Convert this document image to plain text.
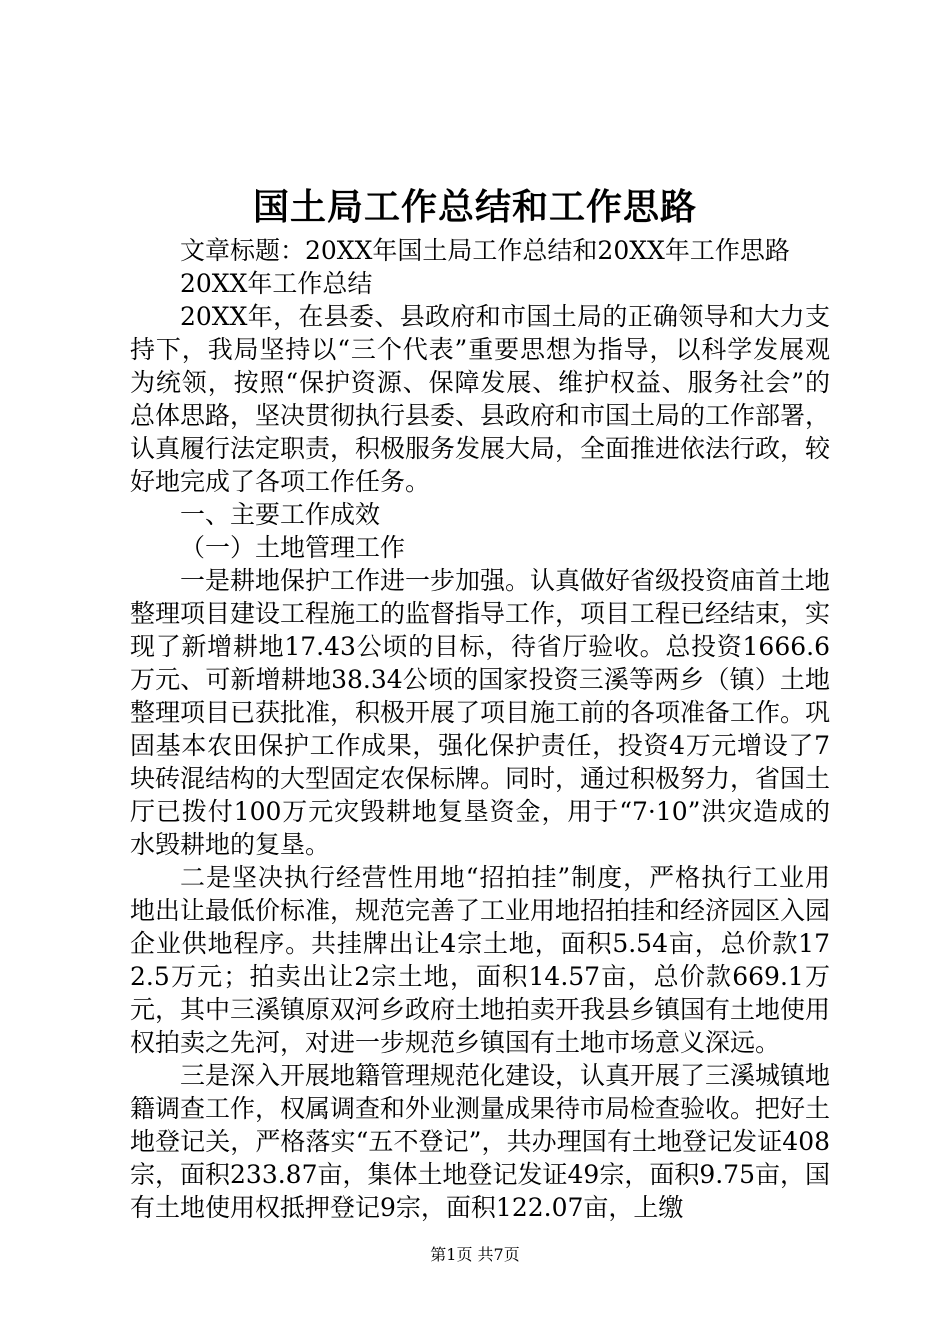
国土局工作总结和工作思路

文章标题：20XX年国土局工作总结和20XX年工作思路

20XX年工作总结

20XX年，在县委、县政府和市国土局的正确领导和大力支持下，我局坚持以“三个代表”重要思想为指导，以科学发展观为统领，按照“保护资源、保障发展、维护权益、服务社会”的总体思路，坚决贯彻执行县委、县政府和市国土局的工作部署，认真履行法定职责，积极服务发展大局，全面推进依法行政，较好地完成了各项工作任务。

一、主要工作成效

（一）土地管理工作

一是耕地保护工作进一步加强。认真做好省级投资庙首土地整理项目建设工程施工的监督指导工作，项目工程已经结束，实现了新增耕地17.43公顷的目标，待省厅验收。总投资1666.6万元、可新增耕地38.34公顷的国家投资三溪等两乡（镇）土地整理项目已获批准，积极开展了项目施工前的各项准备工作。巩固基本农田保护工作成果，强化保护责任，投资4万元增设了7块砖混结构的大型固定农保标牌。同时，通过积极努力，省国土厅已拨付100万元灾毁耕地复垦资金，用于“7·10”洪灾造成的水毁耕地的复垦。

二是坚决执行经营性用地“招拍挂”制度，严格执行工业用地出让最低价标准，规范完善了工业用地招拍挂和经济园区入园企业供地程序。共挂牌出让4宗土地，面积5.54亩，总价款172.5万元；拍卖出让2宗土地，面积14.57亩，总价款669.1万元，其中三溪镇原双河乡政府土地拍卖开我县乡镇国有土地使用权拍卖之先河，对进一步规范乡镇国有土地市场意义深远。

三是深入开展地籍管理规范化建设，认真开展了三溪城镇地籍调查工作，权属调查和外业测量成果待市局检查验收。把好土地登记关，严格落实“五不登记”，共办理国有土地登记发证408宗，面积233.87亩，集体土地登记发证49宗，面积9.75亩，国有土地使用权抵押登记9宗，面积122.07亩，上缴

第1页 共7页
